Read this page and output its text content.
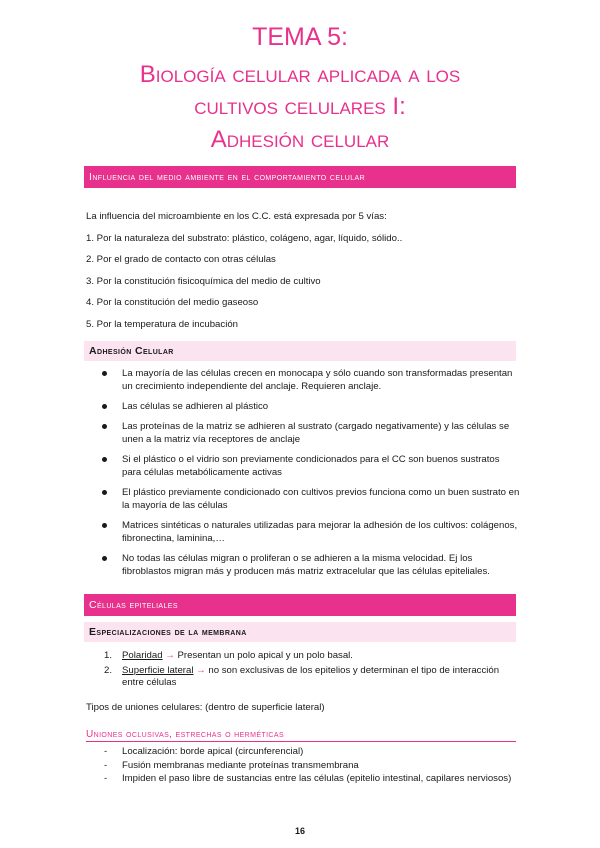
TEMA 5:
Biología celular aplicada a los
cultivos celulares I:
Adhesión celular
Influencia del medio ambiente en el comportamiento celular
La influencia del microambiente en los C.C. está expresada por 5 vías:
1. Por la naturaleza del substrato: plástico, colágeno, agar, líquido, sólido..
2. Por el grado de contacto con otras células
3. Por la constitución fisicoquímica del medio de cultivo
4. Por la constitución del medio gaseoso
5. Por la temperatura de incubación
Adhesión Celular
La mayoría de las células crecen en monocapa y sólo cuando son transformadas presentan un crecimiento independiente del anclaje. Requieren anclaje.
Las células se adhieren al plástico
Las proteínas de la matriz se adhieren al sustrato (cargado negativamente) y las células se unen a la matriz vía receptores de anclaje
Si el plástico o el vidrio son previamente condicionados para el CC son buenos sustratos para células metabólicamente activas
El plástico previamente condicionado con cultivos previos funciona como un buen sustrato en la mayoría de las células
Matrices sintéticas o naturales utilizadas para mejorar la adhesión de los cultivos: colágenos, fibronectina, laminina,…
No todas las células migran o proliferan o se adhieren a la misma velocidad. Ej los fibroblastos migran más y producen más matriz extracelular que las células epiteliales.
Células epiteliales
Especializaciones de la membrana
1. Polaridad → Presentan un polo apical y un polo basal.
2. Superficie lateral → no son exclusivas de los epitelios y determinan el tipo de interacción entre células
Tipos de uniones celulares: (dentro de superficie lateral)
Uniones oclusivas, estrechas o herméticas
- Localización: borde apical (circunferencial)
- Fusión membranas mediante proteínas transmembrana
- Impiden el paso libre de sustancias entre las células (epitelio intestinal, capilares nerviosos)
16
